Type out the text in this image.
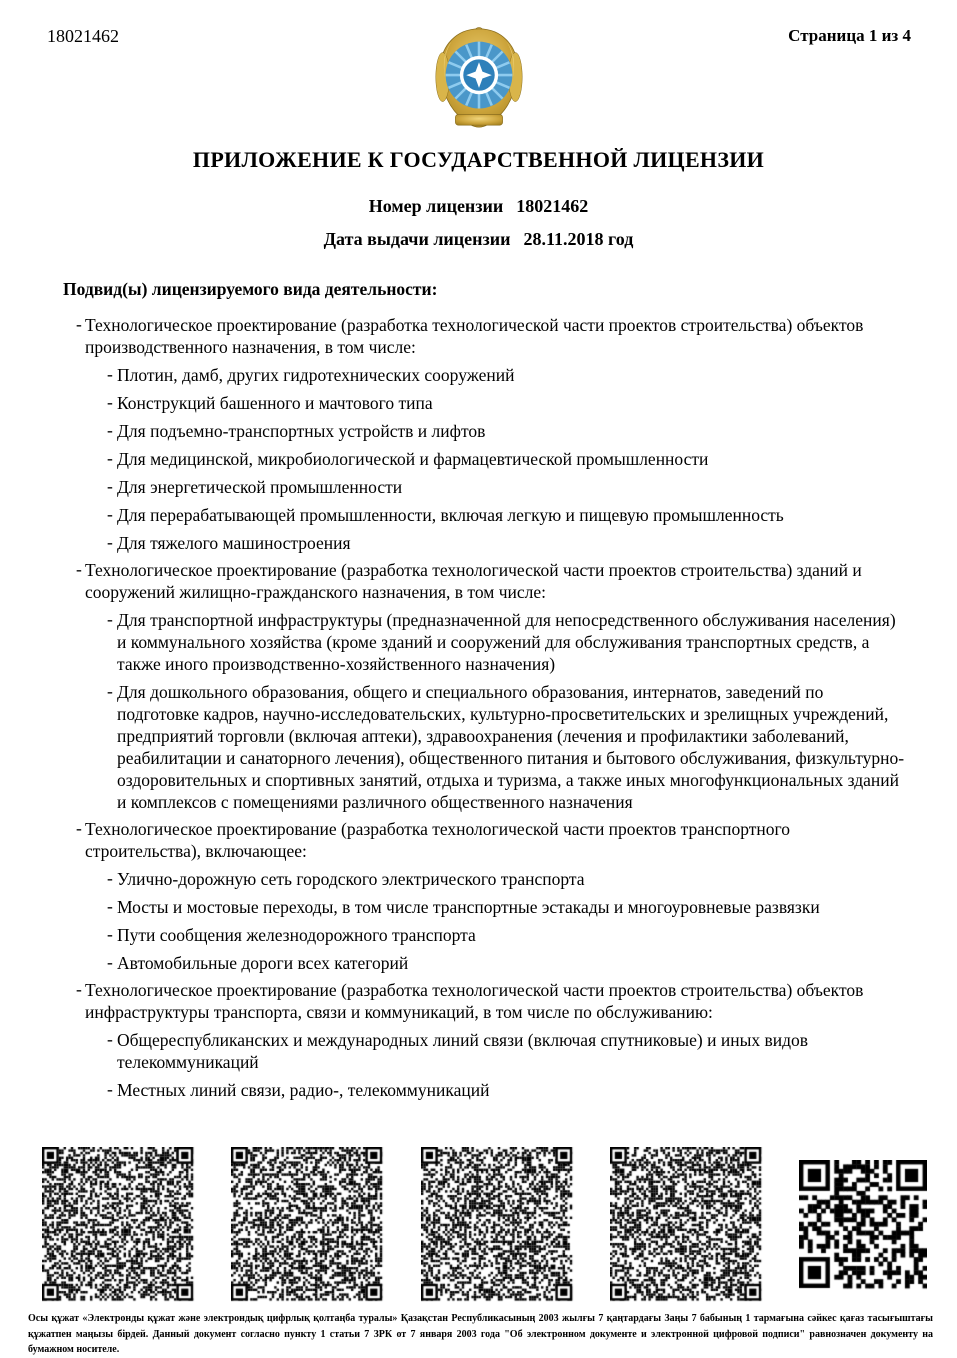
18021462	Страница 1 из 4
ПРИЛОЖЕНИЕ К ГОСУДАРСТВЕННОЙ ЛИЦЕНЗИИ
Номер лицензии 18021462
Дата выдачи лицензии 28.11.2018 год
Подвид(ы) лицензируемого вида деятельности:
- Технологическое проектирование (разработка технологической части проектов строительства) объектов производственного назначения, в том числе:
- Плотин, дамб, других гидротехнических сооружений
- Конструкций башенного и мачтового типа
- Для подъемно-транспортных устройств и лифтов
- Для медицинской, микробиологической и фармацевтической промышленности
- Для энергетической промышленности
- Для перерабатывающей промышленности, включая легкую и пищевую промышленность
- Для тяжелого машиностроения
- Технологическое проектирование (разработка технологической части проектов строительства) зданий и сооружений жилищно-гражданского назначения, в том числе:
- Для транспортной инфраструктуры (предназначенной для непосредственного обслуживания населения) и коммунального хозяйства (кроме зданий и сооружений для обслуживания транспортных средств, а также иного производственно-хозяйственного назначения)
- Для дошкольного образования, общего и специального образования, интернатов, заведений по подготовке кадров, научно-исследовательских, культурно-просветительских и зрелищных учреждений, предприятий торговли (включая аптеки), здравоохранения (лечения и профилактики заболеваний, реабилитации и санаторного лечения), общественного питания и бытового обслуживания, физкультурно-оздоровительных и спортивных занятий, отдыха и туризма, а также иных многофункциональных зданий и комплексов с помещениями различного общественного назначения
- Технологическое проектирование (разработка технологической части проектов транспортного строительства), включающее:
- Улично-дорожную сеть городского электрического транспорта
- Мосты и мостовые переходы, в том числе транспортные эстакады и многоуровневые развязки
- Пути сообщения железнодорожного транспорта
- Автомобильные дороги всех категорий
- Технологическое проектирование (разработка технологической части проектов строительства) объектов инфраструктуры транспорта, связи и коммуникаций, в том числе по обслуживанию:
- Общереспубликанских и международных линий связи (включая спутниковые) и иных видов телекоммуникаций
- Местных линий связи, радио-, телекоммуникаций
Осы құжат «Электронды құжат және электрондық цифрлық қолтаңба туралы» Қазақстан Республикасының 2003 жылғы 7 қаңтардағы Заңы 7 бабының 1 тармағына сәйкес қағаз тасығыштағы құжатпен маңызы бірдей. Данный документ согласно пункту 1 статьи 7 ЗРК от 7 января 2003 года "Об электронном документе и электронной цифровой подписи" равнозначен документу на бумажном носителе.
